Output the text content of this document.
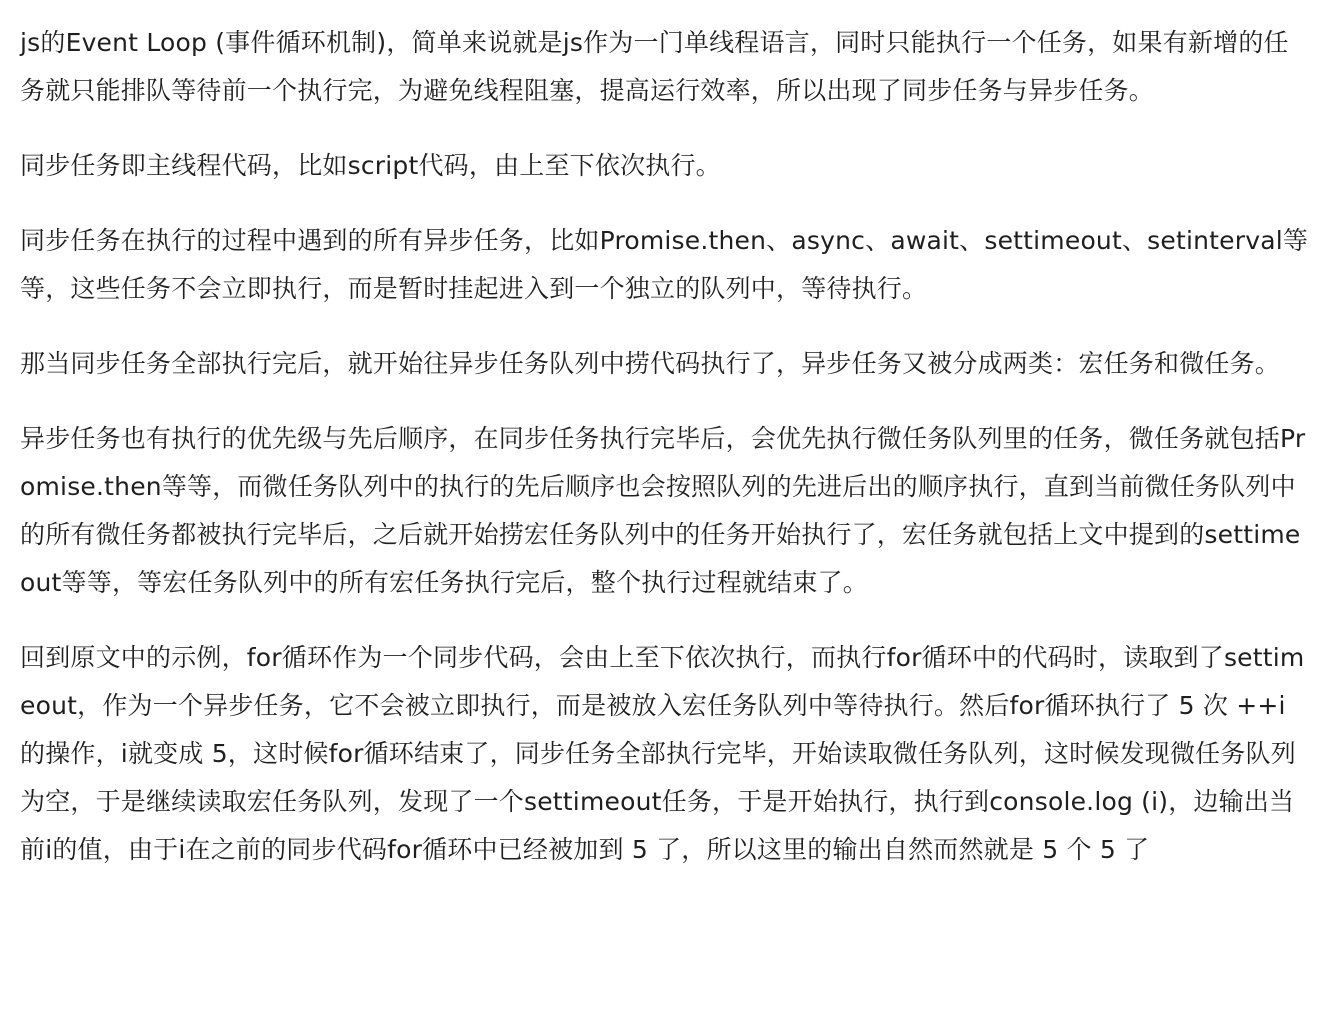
js的Event Loop (事件循环机制)，简单来说就是js作为一门单线程语言，同时只能执行一个任务，如果有新增的任务就只能排队等待前一个执行完，为避免线程阻塞，提高运行效率，所以出现了同步任务与异步任务。

同步任务即主线程代码，比如script代码，由上至下依次执行。

同步任务在执行的过程中遇到的所有异步任务，比如Promise.then、async、await、settimeout、setinterval等等，这些任务不会立即执行，而是暂时挂起进入到一个独立的队列中，等待执行。

那当同步任务全部执行完后，就开始往异步任务队列中捞代码执行了，异步任务又被分成两类：宏任务和微任务。

异步任务也有执行的优先级与先后顺序，在同步任务执行完毕后，会优先执行微任务队列里的任务，微任务就包括Promise.then等等，而微任务队列中的执行的先后顺序也会按照队列的先进后出的顺序执行，直到当前微任务队列中的所有微任务都被执行完毕后，之后就开始捞宏任务队列中的任务开始执行了，宏任务就包括上文中提到的settimeout等等，等宏任务队列中的所有宏任务执行完后，整个执行过程就结束了。

回到原文中的示例，for循环作为一个同步代码，会由上至下依次执行，而执行for循环中的代码时，读取到了settimeout，作为一个异步任务，它不会被立即执行，而是被放入宏任务队列中等待执行。然后for循环执行了 5 次 ++i的操作，i就变成 5，这时候for循环结束了，同步任务全部执行完毕，开始读取微任务队列，这时候发现微任务队列为空，于是继续读取宏任务队列，发现了一个settimeout任务，于是开始执行，执行到console.log (i)，边输出当前i的值，由于i在之前的同步代码for循环中已经被加到 5 了，所以这里的输出自然而然就是 5 个 5 了
